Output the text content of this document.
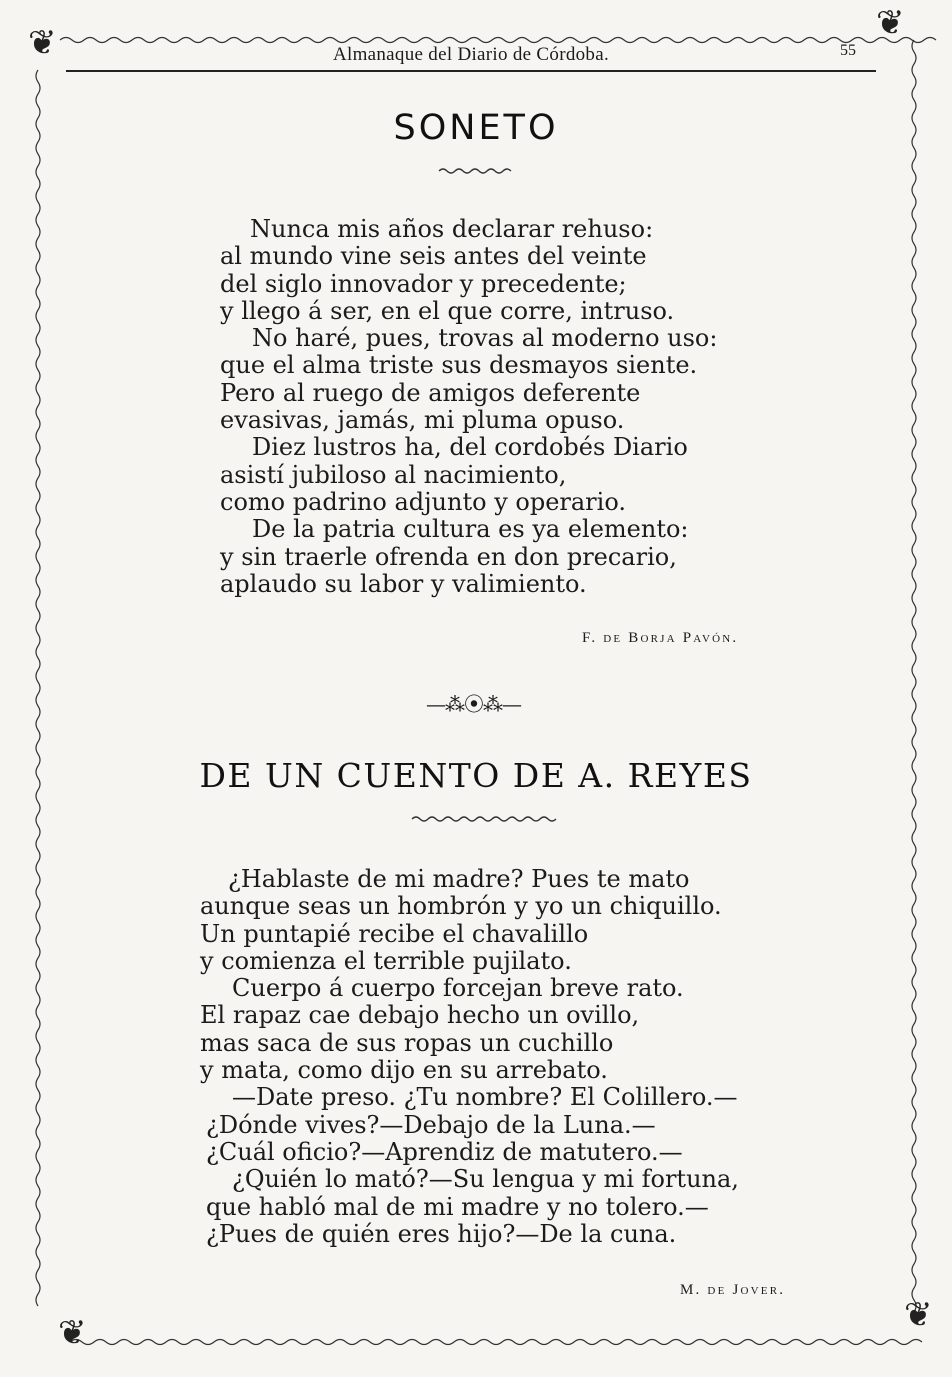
❦	❦
❦	❦
Almanaque del Diario de Córdoba.	55
SONETO
Nunca mis años declarar rehuso:
al mundo vine seis antes del veinte
del siglo innovador y precedente;
y llego á ser, en el que corre, intruso.
No haré, pues, trovas al moderno uso:
que el alma triste sus desmayos siente.
Pero al ruego de amigos deferente
evasivas, jamás, mi pluma opuso.
Diez lustros ha, del cordobés Diario
asistí jubiloso al nacimiento,
como padrino adjunto y operario.
De la patria cultura es ya elemento:
y sin traerle ofrenda en don precario,
aplaudo su labor y valimiento.
F. de Borja Pavón.
—⁂⦿⁂—
DE UN CUENTO DE A. REYES
¿Hablaste de mi madre? Pues te mato
aunque seas un hombrón y yo un chiquillo.
Un puntapié recibe el chavalillo
y comienza el terrible pujilato.
Cuerpo á cuerpo forcejan breve rato.
El rapaz cae debajo hecho un ovillo,
mas saca de sus ropas un cuchillo
y mata, como dijo en su arrebato.
—Date preso. ¿Tu nombre? El Colillero.—
¿Dónde vives?—Debajo de la Luna.—
¿Cuál oficio?—Aprendiz de matutero.—
¿Quién lo mató?—Su lengua y mi fortuna,
que habló mal de mi madre y no tolero.—
¿Pues de quién eres hijo?—De la cuna.
M. de Jover.
